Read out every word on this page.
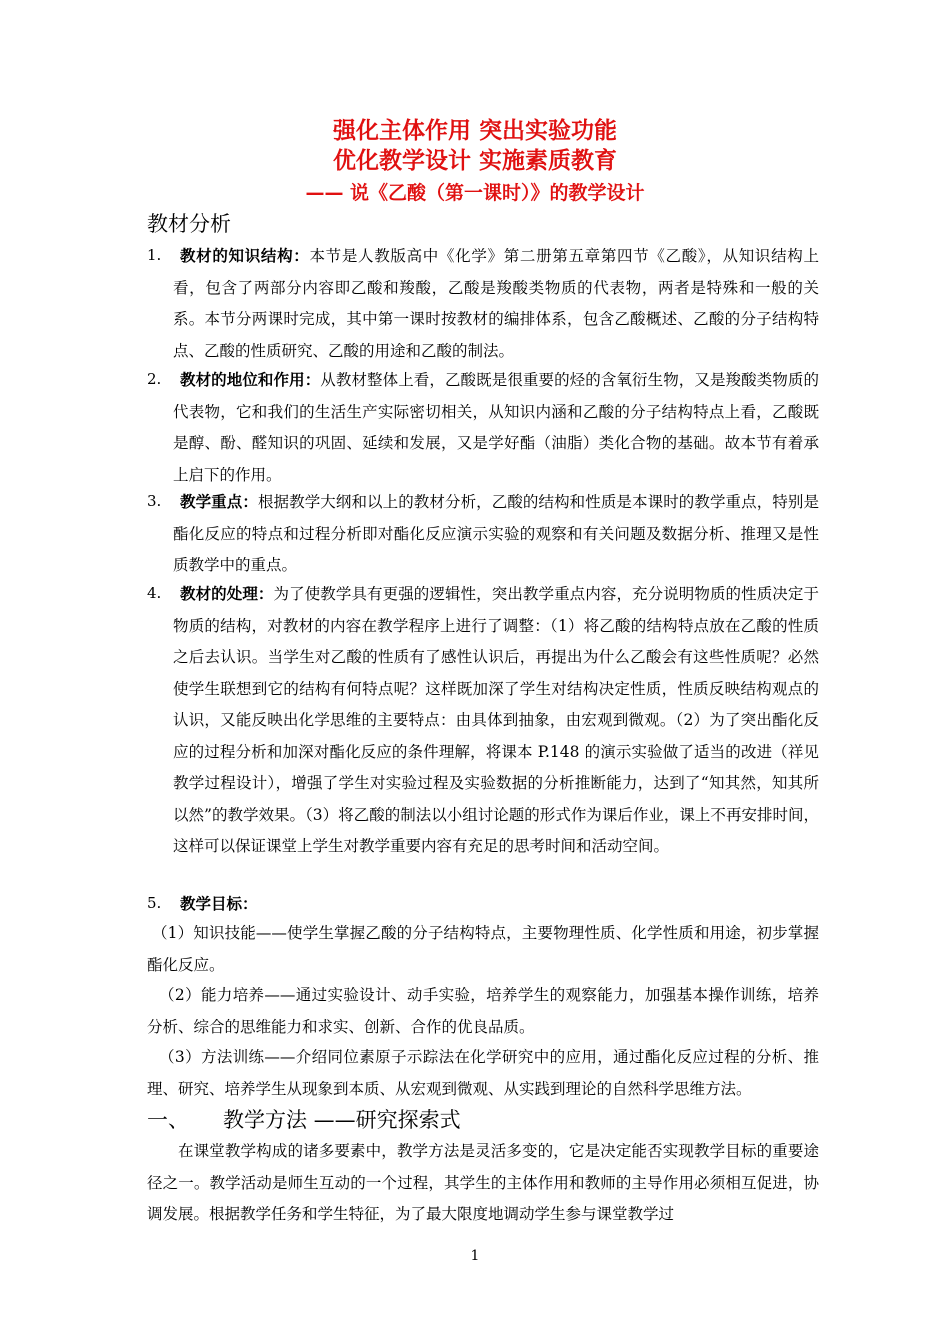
强化主体作用 突出实验功能
优化教学设计 实施素质教育
—— 说《乙酸（第一课时）》的教学设计
教材分析
1.	教材的知识结构：本节是人教版高中《化学》第二册第五章第四节《乙酸》，从知识结构上看，包含了两部分内容即乙酸和羧酸，乙酸是羧酸类物质的代表物，两者是特殊和一般的关系。本节分两课时完成，其中第一课时按教材的编排体系，包含乙酸概述、乙酸的分子结构特点、乙酸的性质研究、乙酸的用途和乙酸的制法。
2.	教材的地位和作用：从教材整体上看，乙酸既是很重要的烃的含氧衍生物，又是羧酸类物质的代表物，它和我们的生活生产实际密切相关，从知识内涵和乙酸的分子结构特点上看，乙酸既是醇、酚、醛知识的巩固、延续和发展，又是学好酯（油脂）类化合物的基础。故本节有着承上启下的作用。
3.	教学重点：根据教学大纲和以上的教材分析，乙酸的结构和性质是本课时的教学重点，特别是酯化反应的特点和过程分析即对酯化反应演示实验的观察和有关问题及数据分析、推理又是性质教学中的重点。
4.	教材的处理：为了使教学具有更强的逻辑性，突出教学重点内容，充分说明物质的性质决定于物质的结构，对教材的内容在教学程序上进行了调整：（1）将乙酸的结构特点放在乙酸的性质之后去认识。当学生对乙酸的性质有了感性认识后，再提出为什么乙酸会有这些性质呢？必然使学生联想到它的结构有何特点呢？这样既加深了学生对结构决定性质，性质反映结构观点的认识，又能反映出化学思维的主要特点：由具体到抽象，由宏观到微观。（2）为了突出酯化反应的过程分析和加深对酯化反应的条件理解，将课本 P.148 的演示实验做了适当的改进（祥见教学过程设计），增强了学生对实验过程及实验数据的分析推断能力，达到了“知其然，知其所以然”的教学效果。（3）将乙酸的制法以小组讨论题的形式作为课后作业，课上不再安排时间，这样可以保证课堂上学生对教学重要内容有充足的思考时间和活动空间。
5.	教学目标：
（1）知识技能——使学生掌握乙酸的分子结构特点，主要物理性质、化学性质和用途，初步掌握酯化反应。
（2）能力培养——通过实验设计、动手实验，培养学生的观察能力，加强基本操作训练，培养分析、综合的思维能力和求实、创新、合作的优良品质。
（3）方法训练——介绍同位素原子示踪法在化学研究中的应用，通过酯化反应过程的分析、推理、研究、培养学生从现象到本质、从宏观到微观、从实践到理论的自然科学思维方法。
一、 教学方法 ——研究探索式
在课堂教学构成的诸多要素中，教学方法是灵活多变的，它是决定能否实现教学目标的重要途径之一。教学活动是师生互动的一个过程，其学生的主体作用和教师的主导作用必须相互促进，协调发展。根据教学任务和学生特征，为了最大限度地调动学生参与课堂教学过
1
